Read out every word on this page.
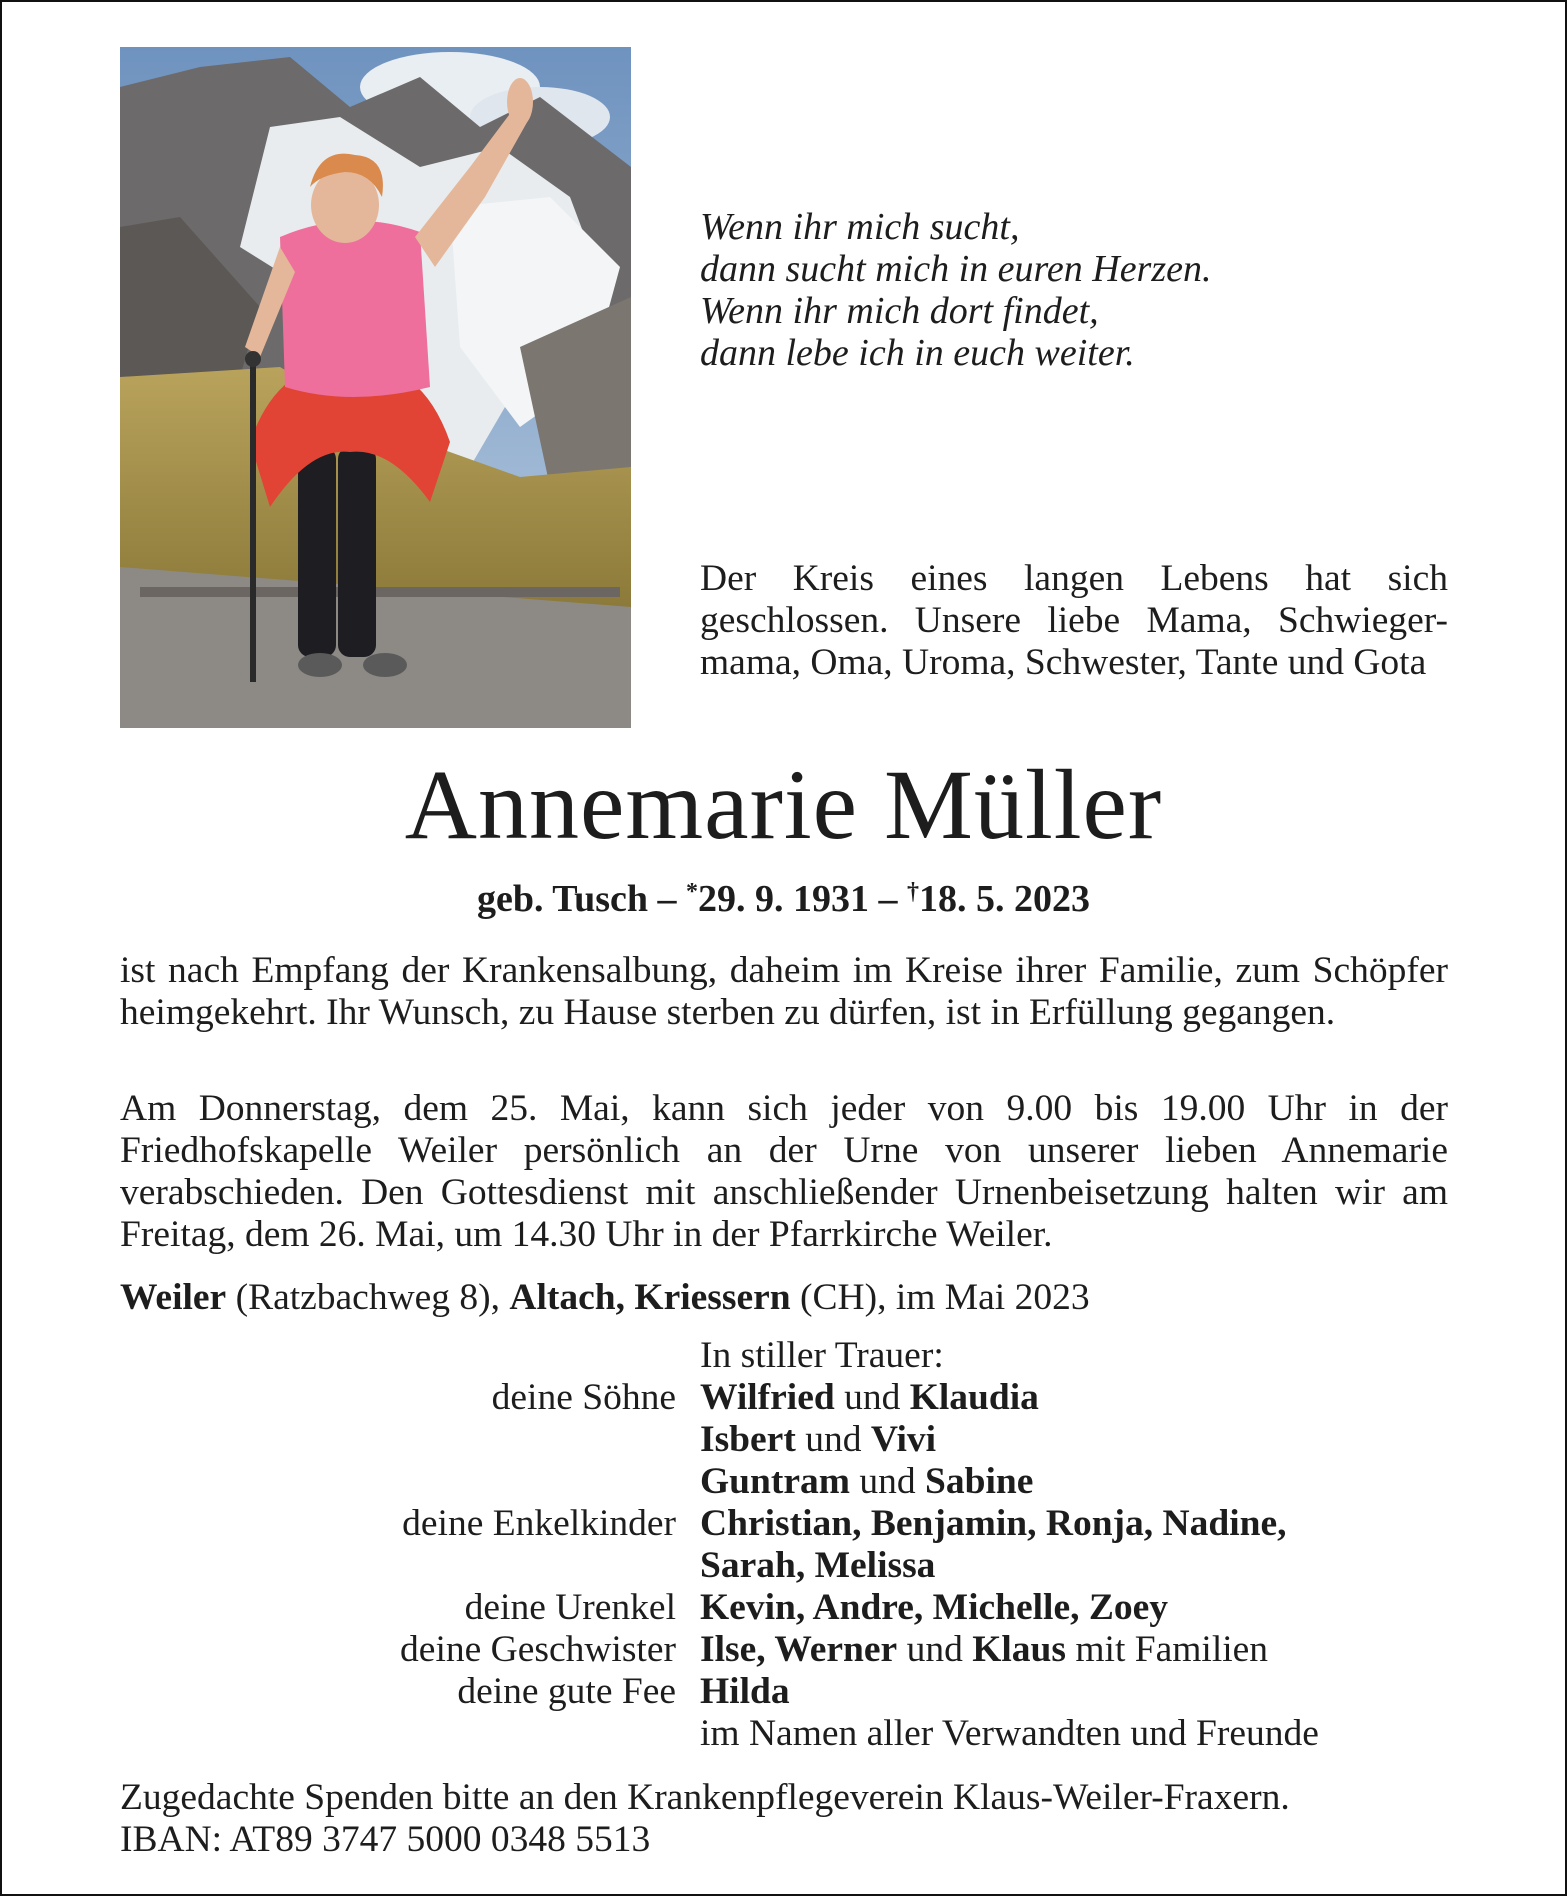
Wenn ihr mich sucht,
dann sucht mich in euren Herzen.
Wenn ihr mich dort findet,
dann lebe ich in euch weiter.
Der Kreis eines langen Lebens hat sich geschlossen. Unsere liebe Mama, Schwieger-mama, Oma, Uroma, Schwester, Tante und Gota
Annemarie Müller
geb. Tusch – *29. 9. 1931 – †18. 5. 2023
ist nach Empfang der Krankensalbung, daheim im Kreise ihrer Familie, zum Schöpfer heimgekehrt. Ihr Wunsch, zu Hause sterben zu dürfen, ist in Erfüllung gegangen.
Am Donnerstag, dem 25. Mai, kann sich jeder von 9.00 bis 19.00 Uhr in der Friedhofskapelle Weiler persönlich an der Urne von unserer lieben Annemarie verabschieden. Den Gottesdienst mit anschließender Urnenbeisetzung halten wir am Freitag, dem 26. Mai, um 14.30 Uhr in der Pfarrkirche Weiler.
Weiler (Ratzbachweg 8), Altach, Kriessern (CH), im Mai 2023
In stiller Trauer:
deine Söhne Wilfried und Klaudia
Isbert und Vivi
Guntram und Sabine
deine Enkelkinder Christian, Benjamin, Ronja, Nadine,
Sarah, Melissa
deine Urenkel Kevin, Andre, Michelle, Zoey
deine Geschwister Ilse, Werner und Klaus mit Familien
deine gute Fee Hilda
im Namen aller Verwandten und Freunde
Zugedachte Spenden bitte an den Krankenpflegeverein Klaus-Weiler-Fraxern.
IBAN: AT89 3747 5000 0348 5513
